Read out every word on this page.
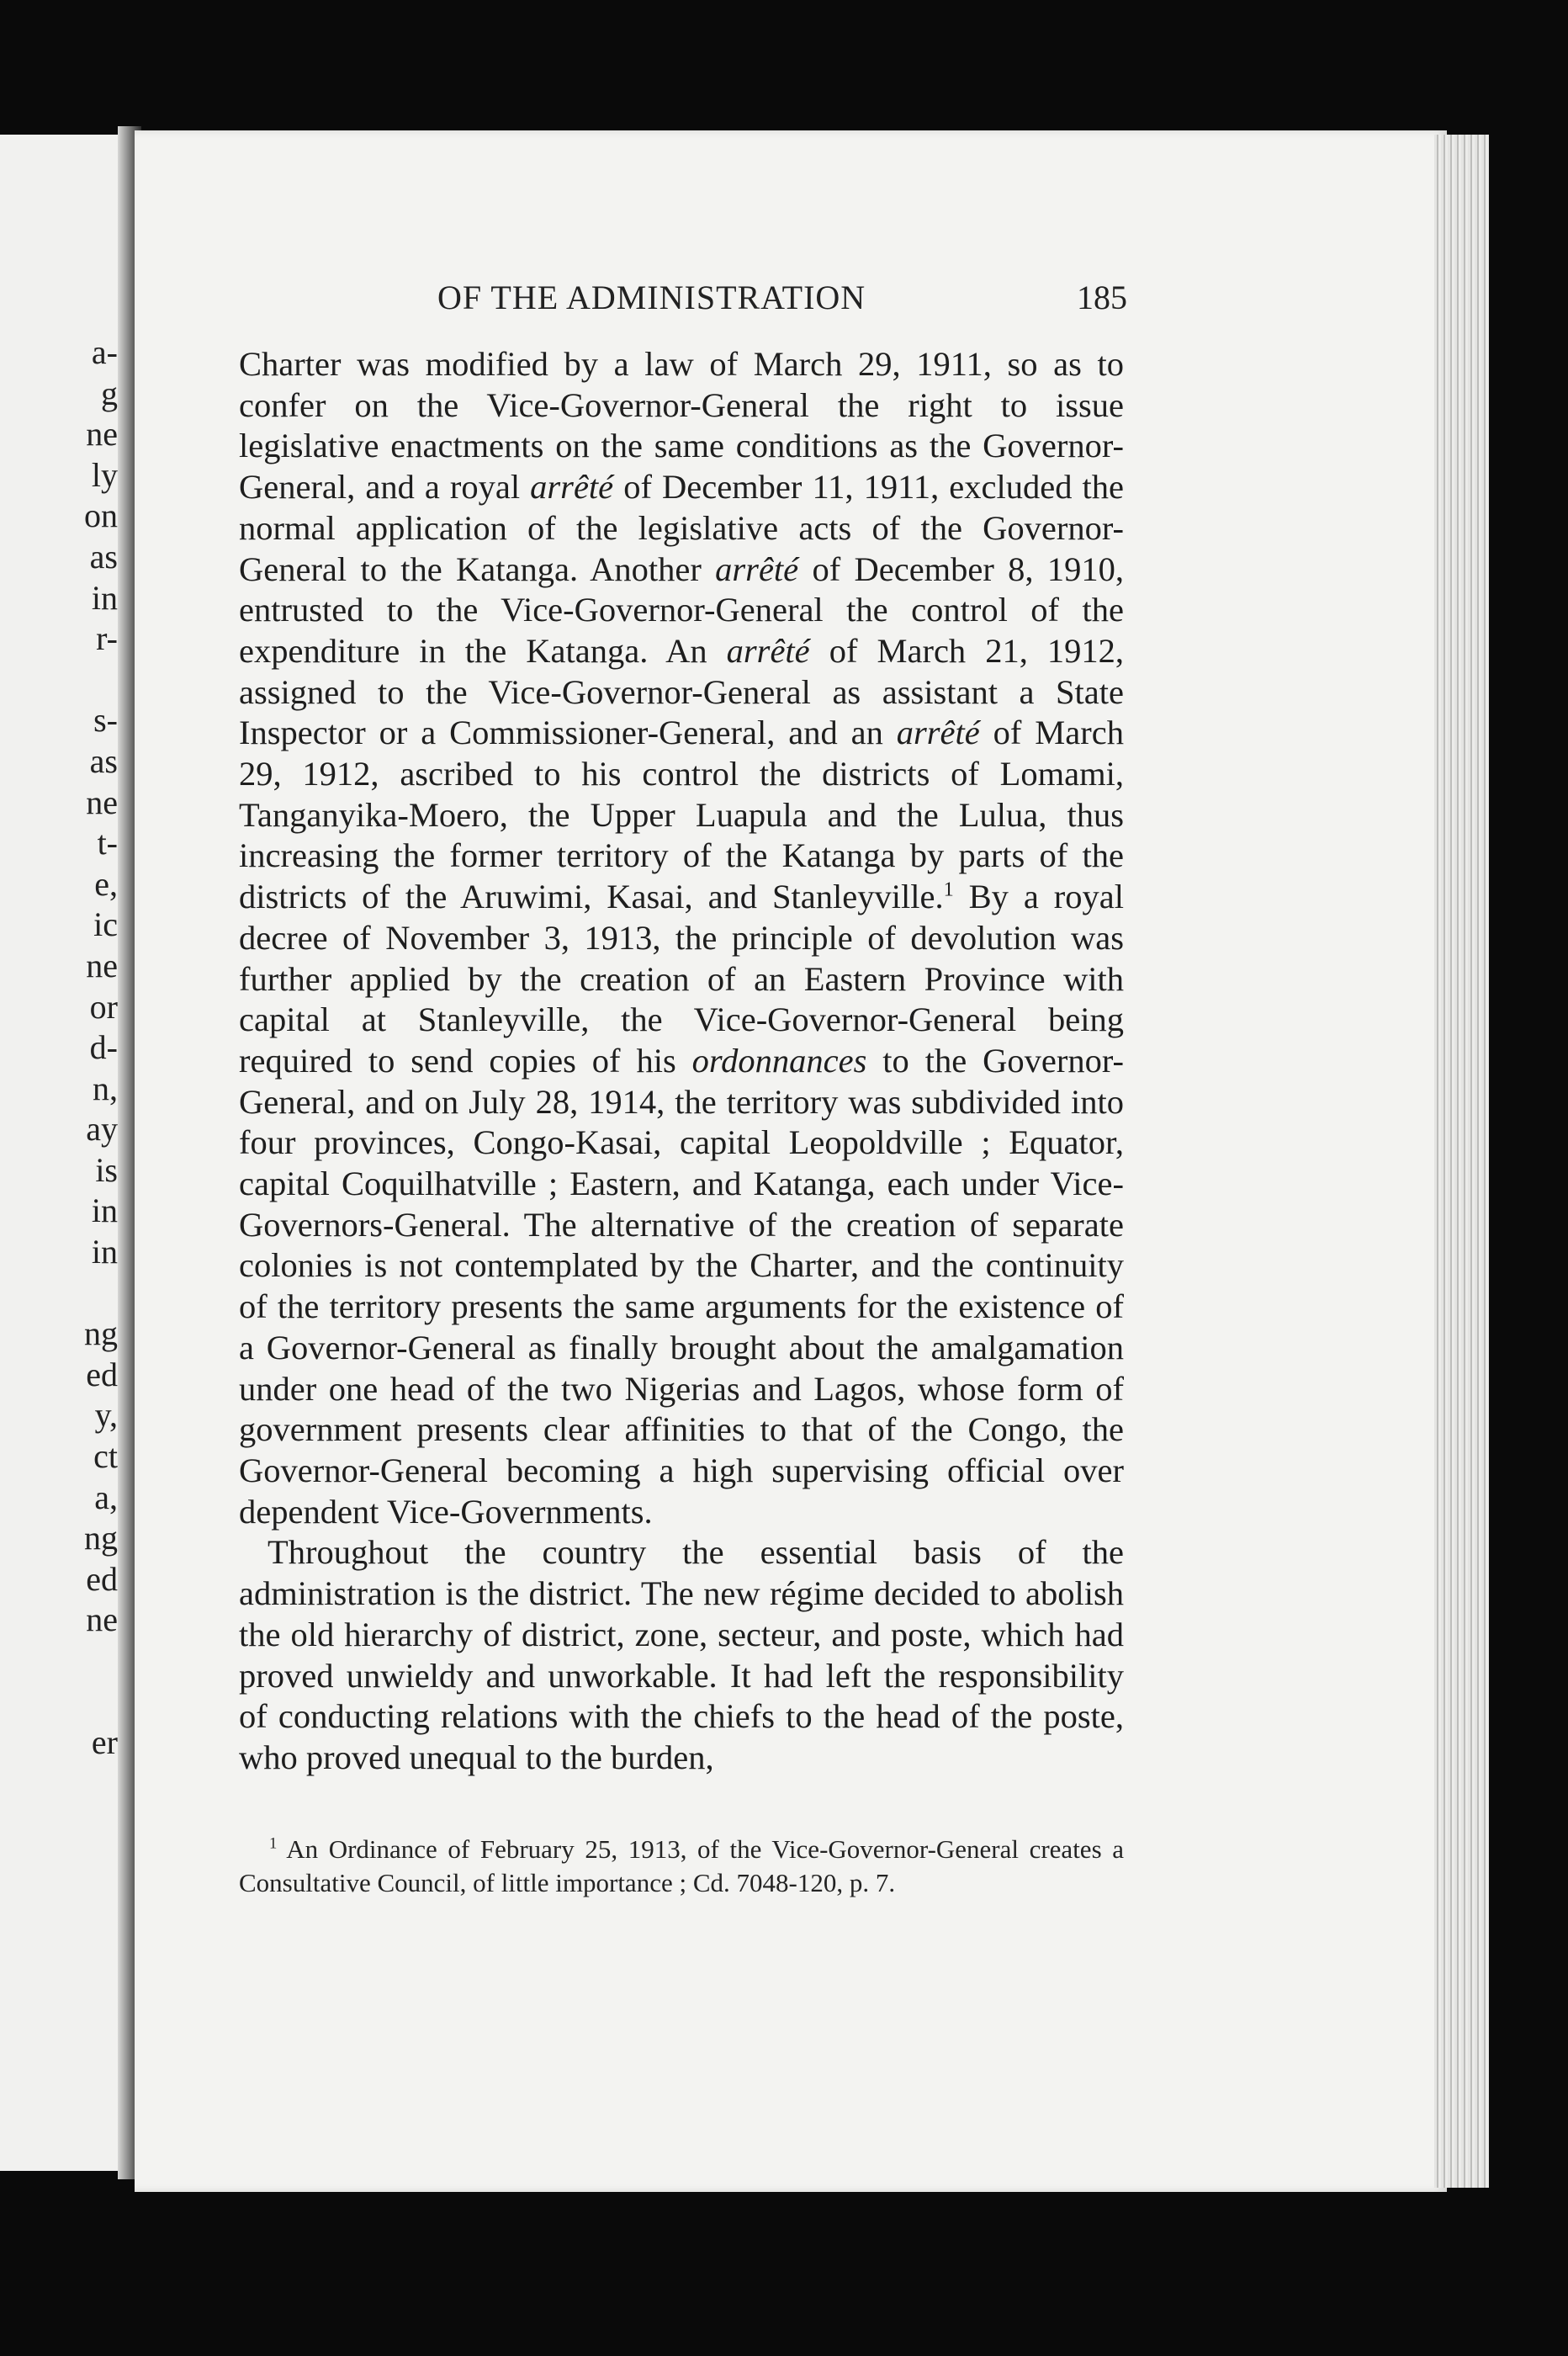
a-
g
ne
ly
on
as
in
r-
s-
as
ne
t-
e,
ic
ne
or
d-
n,
ay
is
in
in
ng
ed
y,
ct
a,
ng
ed
ne
er
OF THE ADMINISTRATION	185

Charter was modified by a law of March 29, 1911, so as to confer on the Vice-Governor-General the right to issue legislative enactments on the same conditions as the Governor-General, and a royal arrêté of December 11, 1911, excluded the normal application of the legislative acts of the Governor-General to the Katanga. Another arrêté of December 8, 1910, entrusted to the Vice-Governor-General the control of the expenditure in the Katanga. An arrêté of March 21, 1912, assigned to the Vice-Governor-General as assistant a State Inspector or a Commissioner-General, and an arrêté of March 29, 1912, ascribed to his control the districts of Lomami, Tanganyika-Moero, the Upper Luapula and the Lulua, thus increasing the former territory of the Katanga by parts of the districts of the Aruwimi, Kasai, and Stanleyville.$^1$ By a royal decree of November 3, 1913, the principle of devolution was further applied by the creation of an Eastern Province with capital at Stanleyville, the Vice-Governor-General being required to send copies of his ordonnances to the Governor-General, and on July 28, 1914, the territory was subdivided into four provinces, Congo-Kasai, capital Leopoldville ; Equator, capital Coquilhatville ; Eastern, and Katanga, each under Vice-Governors-General. The alternative of the creation of separate colonies is not contemplated by the Charter, and the continuity of the territory presents the same arguments for the existence of a Governor-General as finally brought about the amalgamation under one head of the two Nigerias and Lagos, whose form of government presents clear affinities to that of the Congo, the Governor-General becoming a high supervising official over dependent Vice-Governments.

Throughout the country the essential basis of the administration is the district. The new régime decided to abolish the old hierarchy of district, zone, secteur, and poste, which had proved unwieldy and unworkable. It had left the responsibility of conducting relations with the chiefs to the head of the poste, who proved unequal to the burden,

$^1$ An Ordinance of February 25, 1913, of the Vice-Governor-General creates a Consultative Council, of little importance ; Cd. 7048-120, p. 7.
